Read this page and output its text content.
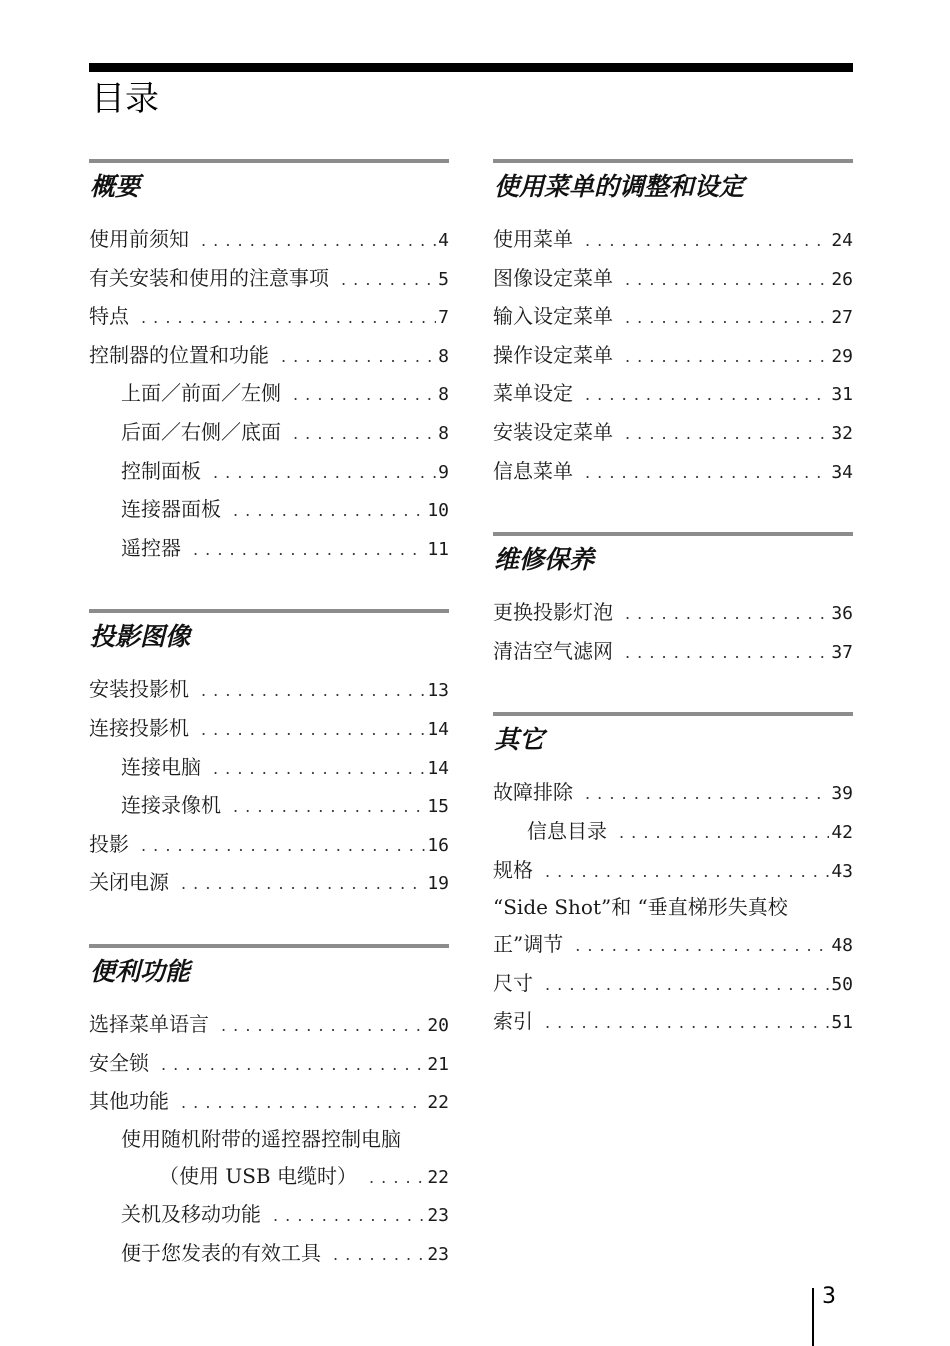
目录
概要
使用前须知 . . .	4
有关安装和使用的注意事项 . . .	5
特点 . . .	7
控制器的位置和功能 . . .	8
上面／前面／左侧 . . .	8
后面／右侧／底面 . . .	8
控制面板 . . .	9
连接器面板 . . .	10
遥控器 . . .	11
投影图像
安装投影机 . . .	13
连接投影机 . . .	14
连接电脑 . . .	14
连接录像机 . . .	15
投影 . . .	16
关闭电源 . . .	19
便利功能
选择菜单语言 . . .	20
安全锁 . . .	21
其他功能 . . .	22
使用随机附带的遥控器控制电脑
（使用 USB 电缆时） . . .	22
关机及移动功能 . . .	23
便于您发表的有效工具 . . .	23
使用菜单的调整和设定
使用菜单 . . .	24
图像设定菜单 . . .	26
输入设定菜单 . . .	27
操作设定菜单 . . .	29
菜单设定 . . .	31
安装设定菜单 . . .	32
信息菜单 . . .	34
维修保养
更换投影灯泡 . . .	36
清洁空气滤网 . . .	37
其它
故障排除 . . .	39
信息目录 . . .	42
规格 . . .	43
“Side Shot”和 “垂直梯形失真校
正”调节 . . .	48
尺寸 . . .	50
索引 . . .	51
3
